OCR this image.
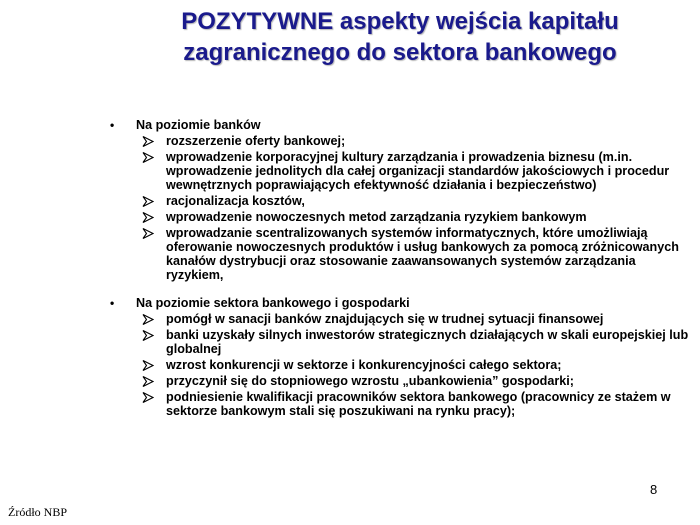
POZYTYWNE aspekty wejścia kapitału
zagranicznego do sektora bankowego
• Na poziomie banków
rozszerzenie oferty bankowej;
wprowadzenie korporacyjnej kultury zarządzania i prowadzenia biznesu (m.in. wprowadzenie jednolitych dla całej organizacji standardów jakościowych i procedur wewnętrznych poprawiających efektywność działania i bezpieczeństwo)
racjonalizacja kosztów,
wprowadzenie nowoczesnych metod zarządzania ryzykiem bankowym
wprowadzanie scentralizowanych systemów informatycznych, które umożliwiają oferowanie nowoczesnych produktów i usług bankowych za pomocą zróżnicowanych kanałów dystrybucji oraz stosowanie zaawansowanych systemów zarządzania ryzykiem,
• Na poziomie sektora bankowego i gospodarki
pomógł w sanacji banków znajdujących się w trudnej sytuacji finansowej
banki uzyskały silnych inwestorów strategicznych działających w skali europejskiej lub globalnej
wzrost konkurencji w sektorze i konkurencyjności całego sektora;
przyczynił się do stopniowego wzrostu „ubankowienia” gospodarki;
podniesienie kwalifikacji pracowników sektora bankowego (pracownicy ze stażem w sektorze bankowym stali się poszukiwani na rynku pracy);
8
Źródło NBP
